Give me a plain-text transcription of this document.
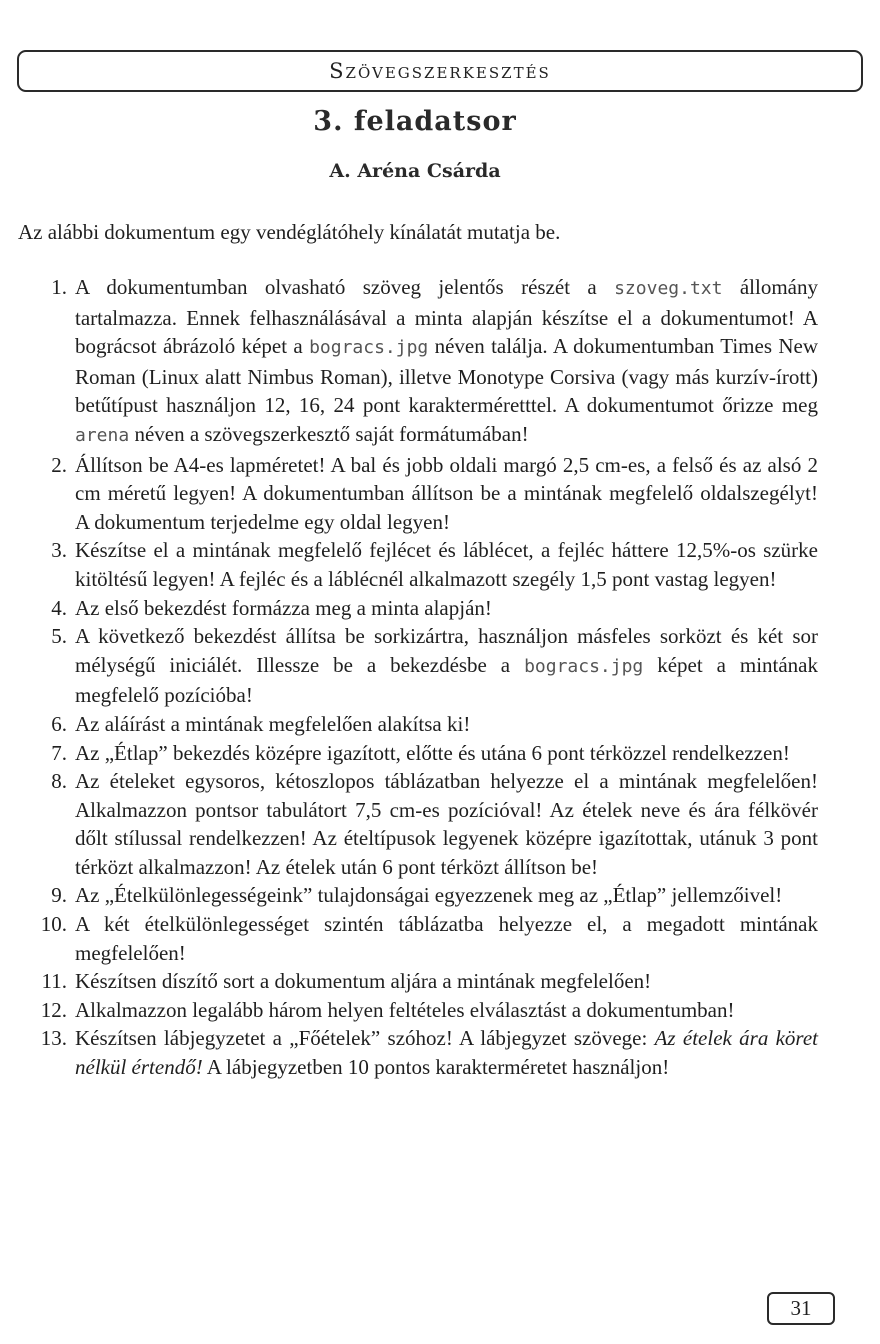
Szövegszerkesztés
3. feladatsor
A. Aréna Csárda
Az alábbi dokumentum egy vendéglátóhely kínálatát mutatja be.
1. A dokumentumban olvasható szöveg jelentős részét a szoveg.txt állomány tartalmazza. Ennek felhasználásával a minta alapján készítse el a dokumentumot! A bográcsot ábrázoló képet a bogracs.jpg néven találja. A dokumentumban Times New Roman (Linux alatt Nimbus Roman), illetve Monotype Corsiva (vagy más kurzív-írott) betűtípust használjon 12, 16, 24 pont karakterméretttel. A dokumentumot őrizze meg arena néven a szövegszerkesztő saját formátumában!
2. Állítson be A4-es lapméretet! A bal és jobb oldali margó 2,5 cm-es, a felső és az alsó 2 cm méretű legyen! A dokumentumban állítson be a mintának megfelelő oldalszegélyt! A dokumentum terjedelme egy oldal legyen!
3. Készítse el a mintának megfelelő fejlécet és láblécet, a fejléc háttere 12,5%-os szürke kitöltésű legyen! A fejléc és a láblécnél alkalmazott szegély 1,5 pont vastag legyen!
4. Az első bekezdést formázza meg a minta alapján!
5. A következő bekezdést állítsa be sorkizártra, használjon másfeles sorközt és két sor mélységű iniciálét. Illessze be a bekezdésbe a bogracs.jpg képet a mintának megfelelő pozícióba!
6. Az aláírást a mintának megfelelően alakítsa ki!
7. Az „Étlap” bekezdés középre igazított, előtte és utána 6 pont térközzel rendelkezzen!
8. Az ételeket egysoros, kétoszlopos táblázatban helyezze el a mintának megfelelően! Alkalmazzon pontsor tabulátort 7,5 cm-es pozícióval! Az ételek neve és ára félkövér dőlt stílussal rendelkezzen! Az ételtípusok legyenek középre igazítottak, utánuk 3 pont térközt alkalmazzon! Az ételek után 6 pont térközt állítson be!
9. Az „Ételkülönlegességeink” tulajdonságai egyezzenek meg az „Étlap” jellemzőivel!
10. A két ételkülönlegességet szintén táblázatba helyezze el, a megadott mintának megfelelően!
11. Készítsen díszítő sort a dokumentum aljára a mintának megfelelően!
12. Alkalmazzon legalább három helyen feltételes elválasztást a dokumentumban!
13. Készítsen lábjegyzetet a „Főételek” szóhoz! A lábjegyzet szövege: Az ételek ára köret nélkül értendő! A lábjegyzetben 10 pontos karakterméretet használjon!
31
